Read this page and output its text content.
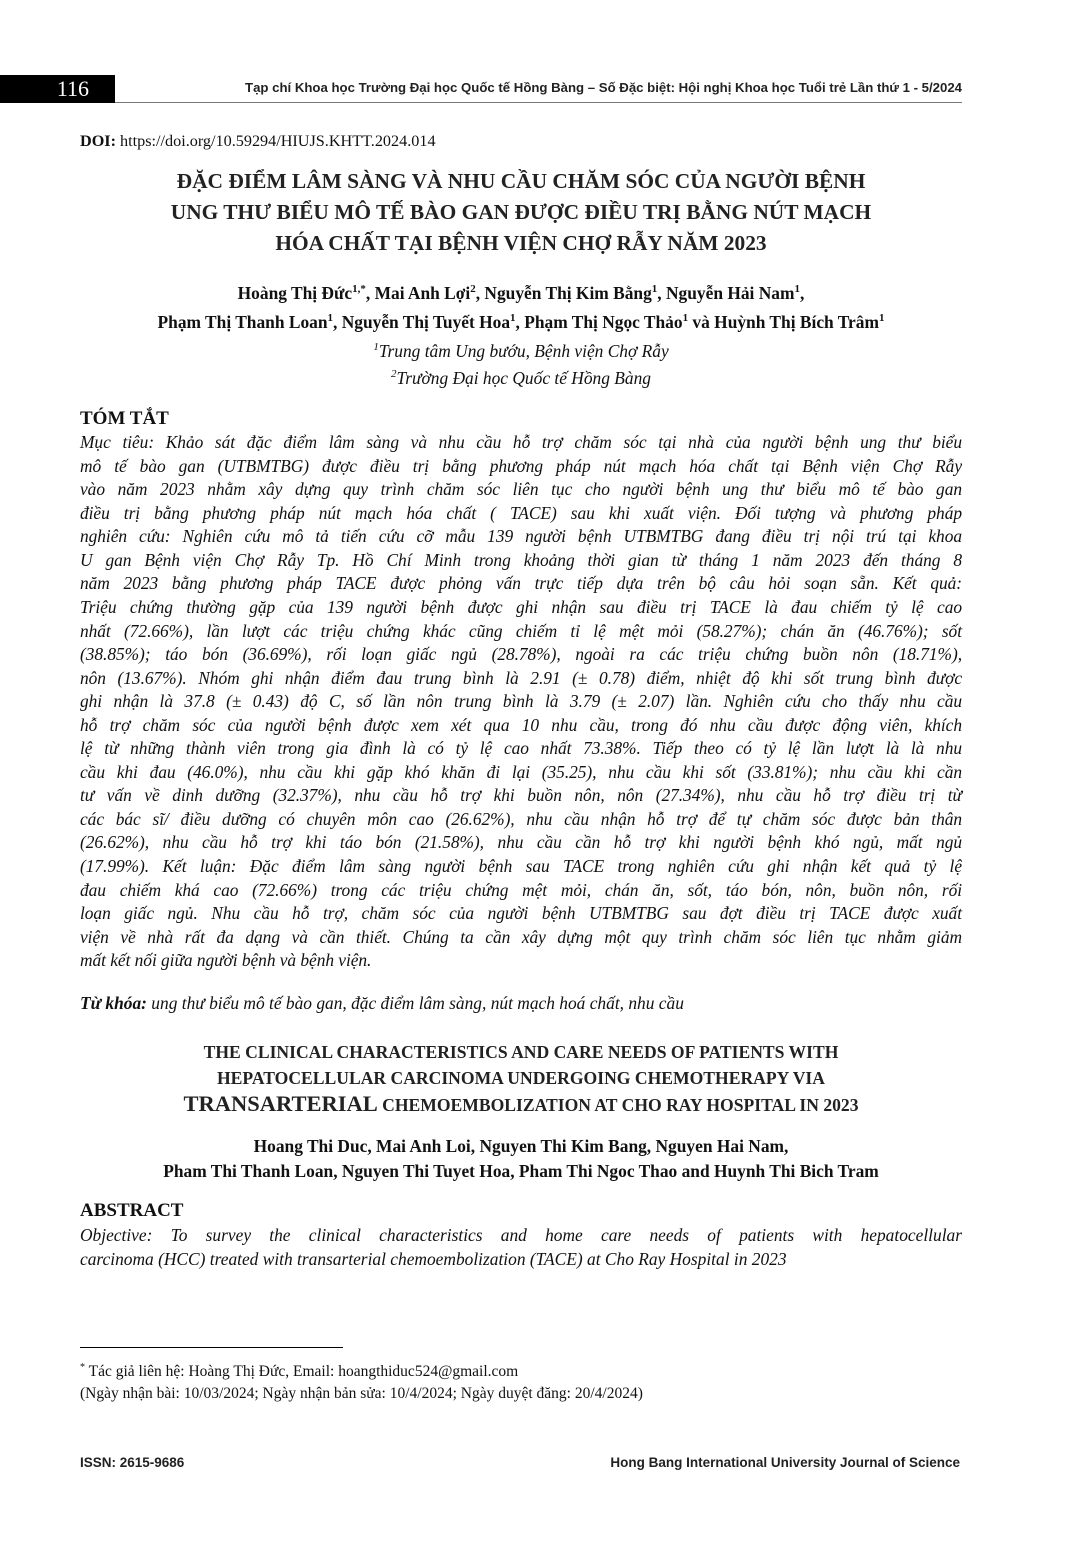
116	Tạp chí Khoa học Trường Đại học Quốc tế Hồng Bàng – Số Đặc biệt: Hội nghị Khoa học Tuổi trẻ Lần thứ 1 - 5/2024

DOI: https://doi.org/10.59294/HIUJS.KHTT.2024.014

ĐẶC ĐIỂM LÂM SÀNG VÀ NHU CẦU CHĂM SÓC CỦA NGƯỜI BỆNH
UNG THƯ BIỂU MÔ TẾ BÀO GAN ĐƯỢC ĐIỀU TRỊ BẰNG NÚT MẠCH
HÓA CHẤT TẠI BỆNH VIỆN CHỢ RẪY NĂM 2023
Hoàng Thị Đức$^{1,*}$, Mai Anh Lợi$^2$, Nguyễn Thị Kim Bằng$^1$, Nguyễn Hải Nam$^1$,
Phạm Thị Thanh Loan$^1$, Nguyễn Thị Tuyết Hoa$^1$, Phạm Thị Ngọc Thảo$^1$ và Huỳnh Thị Bích Trâm$^1$

$^1$Trung tâm Ung bướu, Bệnh viện Chợ Rẫy

$^2$Trường Đại học Quốc tế Hồng Bàng

TÓM TẮT
Mục tiêu: Khảo sát đặc điểm lâm sàng và nhu cầu hỗ trợ chăm sóc tại nhà của người bệnh ung thư biểu
mô tế bào gan (UTBMTBG) được điều trị bằng phương pháp nút mạch hóa chất tại Bệnh viện Chợ Rẫy
vào năm 2023 nhằm xây dựng quy trình chăm sóc liên tục cho người bệnh ung thư biểu mô tế bào gan
điều trị bằng phương pháp nút mạch hóa chất ( TACE) sau khi xuất viện. Đối tượng và phương pháp
nghiên cứu: Nghiên cứu mô tả tiến cứu cỡ mẫu 139 người bệnh UTBMTBG đang điều trị nội trú tại khoa
U gan Bệnh viện Chợ Rẫy Tp. Hồ Chí Minh trong khoảng thời gian từ tháng 1 năm 2023 đến tháng 8
năm 2023 bằng phương pháp TACE được phỏng vấn trực tiếp dựa trên bộ câu hỏi soạn sẵn. Kết quả:
Triệu chứng thường gặp của 139 người bệnh được ghi nhận sau điều trị TACE là đau chiếm tỷ lệ cao
nhất (72.66%), lần lượt các triệu chứng khác cũng chiếm tỉ lệ mệt mỏi (58.27%); chán ăn (46.76%); sốt
(38.85%); táo bón (36.69%), rối loạn giấc ngủ (28.78%), ngoài ra các triệu chứng buồn nôn (18.71%),
nôn (13.67%). Nhóm ghi nhận điểm đau trung bình là 2.91 (± 0.78) điểm, nhiệt độ khi sốt trung bình được
ghi nhận là 37.8 (± 0.43) độ C, số lần nôn trung bình là 3.79 (± 2.07) lần. Nghiên cứu cho thấy nhu cầu
hỗ trợ chăm sóc của người bệnh được xem xét qua 10 nhu cầu, trong đó nhu cầu được động viên, khích
lệ từ những thành viên trong gia đình là có tỷ lệ cao nhất 73.38%. Tiếp theo có tỷ lệ lần lượt là là nhu
cầu khi đau (46.0%), nhu cầu khi gặp khó khăn đi lại (35.25), nhu cầu khi sốt (33.81%); nhu cầu khi cần
tư vấn về dinh dưỡng (32.37%), nhu cầu hỗ trợ khi buồn nôn, nôn (27.34%), nhu cầu hỗ trợ điều trị từ
các bác sĩ/ điều dưỡng có chuyên môn cao (26.62%), nhu cầu nhận hỗ trợ để tự chăm sóc được bản thân
(26.62%), nhu cầu hỗ trợ khi táo bón (21.58%), nhu cầu cần hỗ trợ khi người bệnh khó ngủ, mất ngủ
(17.99%). Kết luận: Đặc điểm lâm sàng người bệnh sau TACE trong nghiên cứu ghi nhận kết quả tỷ lệ
đau chiếm khá cao (72.66%) trong các triệu chứng mệt mỏi, chán ăn, sốt, táo bón, nôn, buồn nôn, rối
loạn giấc ngủ. Nhu cầu hỗ trợ, chăm sóc của người bệnh UTBMTBG sau đợt điều trị TACE được xuất
viện về nhà rất đa dạng và cần thiết. Chúng ta cần xây dựng một quy trình chăm sóc liên tục nhằm giảm
mất kết nối giữa người bệnh và bệnh viện.

Từ khóa: ung thư biểu mô tế bào gan, đặc điểm lâm sàng, nút mạch hoá chất, nhu cầu

THE CLINICAL CHARACTERISTICS AND CARE NEEDS OF PATIENTS WITH
HEPATOCELLULAR CARCINOMA UNDERGOING CHEMOTHERAPY VIA
TRANSARTERIAL CHEMOEMBOLIZATION AT CHO RAY HOSPITAL IN 2023
Hoang Thi Duc, Mai Anh Loi, Nguyen Thi Kim Bang, Nguyen Hai Nam,
Pham Thi Thanh Loan, Nguyen Thi Tuyet Hoa, Pham Thi Ngoc Thao and Huynh Thi Bich Tram
ABSTRACT
Objective: To survey the clinical characteristics and home care needs of patients with hepatocellular
carcinoma (HCC) treated with transarterial chemoembolization (TACE) at Cho Ray Hospital in 2023

* Tác giả liên hệ: Hoàng Thị Đức, Email: hoangthiduc524@gmail.com

(Ngày nhận bài: 10/03/2024; Ngày nhận bản sửa: 10/4/2024; Ngày duyệt đăng: 20/4/2024)

ISSN: 2615-9686	Hong Bang International University Journal of Science
